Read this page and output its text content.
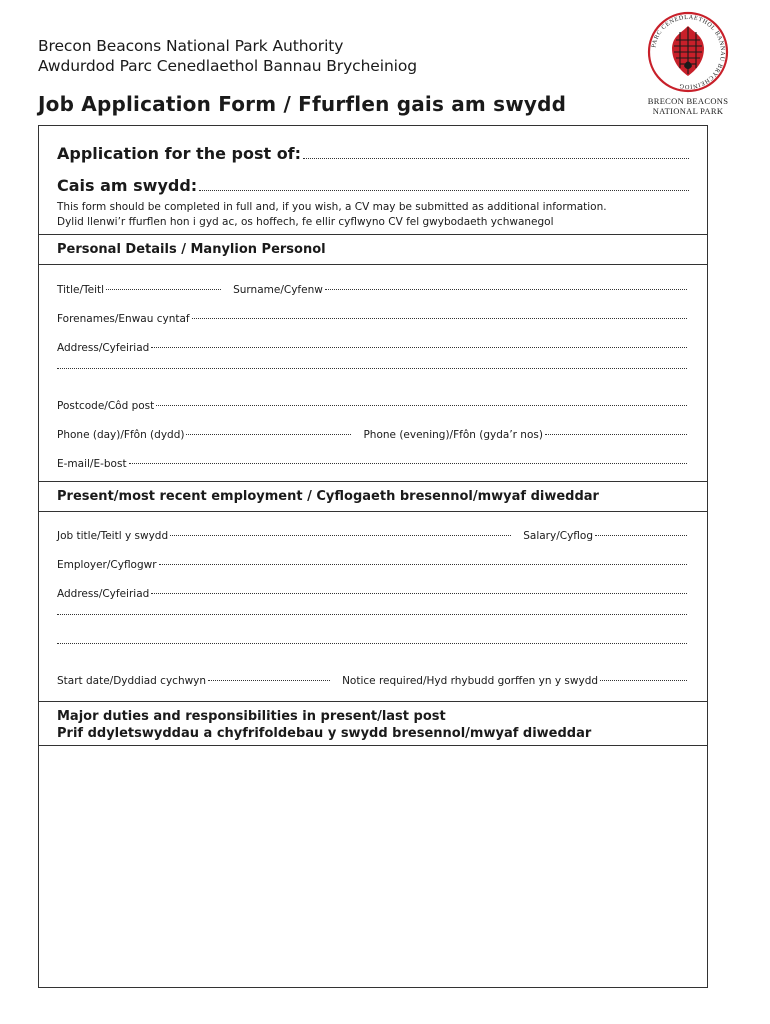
Brecon Beacons National Park Authority
Awdurdod Parc Cenedlaethol Bannau Brycheiniog
Job Application Form / Ffurflen gais am swydd
PARC CENEDLAETHOL BANNAU BRYCHEINIOG
BRECON BEACONS
NATIONAL PARK
Application for the post of:
Cais am swydd:
This form should be completed in full and, if you wish, a CV may be submitted as additional information.
Dylid llenwi’r ffurflen hon i gyd ac, os hoffech, fe ellir cyflwyno CV fel gwybodaeth ychwanegol
Personal Details / Manylion Personol
Title/Teitl	Surname/Cyfenw
Forenames/Enwau cyntaf
Address/Cyfeiriad
Postcode/Côd post
Phone (day)/Ffôn (dydd)	Phone (evening)/Ffôn (gyda’r nos)
E-mail/E-bost
Present/most recent employment / Cyflogaeth bresennol/mwyaf diweddar
Job title/Teitl y swydd	Salary/Cyflog
Employer/Cyflogwr
Address/Cyfeiriad
Start date/Dyddiad cychwyn	Notice required/Hyd rhybudd gorffen yn y swydd
Major duties and responsibilities in present/last post
Prif ddyletswyddau a chyfrifoldebau y swydd bresennol/mwyaf diweddar
